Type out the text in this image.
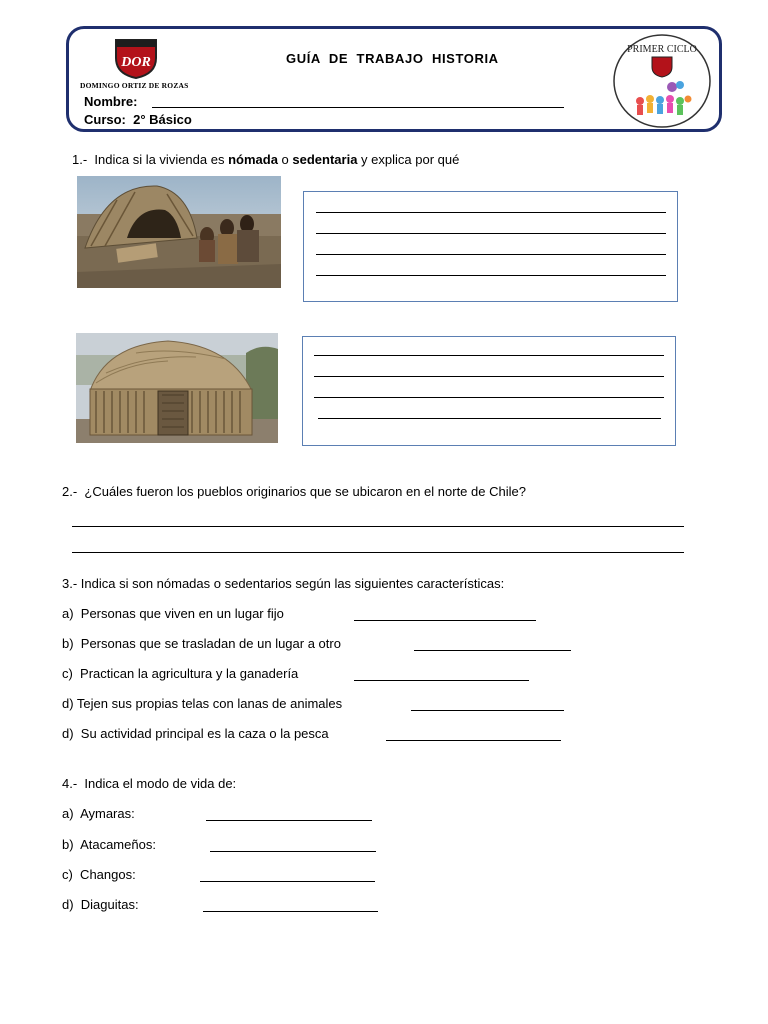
DOR
DOMINGO ORTIZ DE ROZAS
GUÍA  DE  TRABAJO  HISTORIA
Nombre:
Curso:  2° Básico
PRIMER CICLO
1.-  Indica si la vivienda es nómada o sedentaria y explica por qué
2.-  ¿Cuáles fueron los pueblos originarios que se ubicaron en el norte de Chile?
3.- Indica si son nómadas o sedentarios según las siguientes características:
a)  Personas que viven en un lugar fijo
b)  Personas que se trasladan de un lugar a otro
c)  Practican la agricultura y la ganadería
d) Tejen sus propias telas con lanas de animales
d)  Su actividad principal es la caza o la pesca
4.-  Indica el modo de vida de:
a)  Aymaras:
b)  Atacameños:
c)  Changos:
d)  Diaguitas:
